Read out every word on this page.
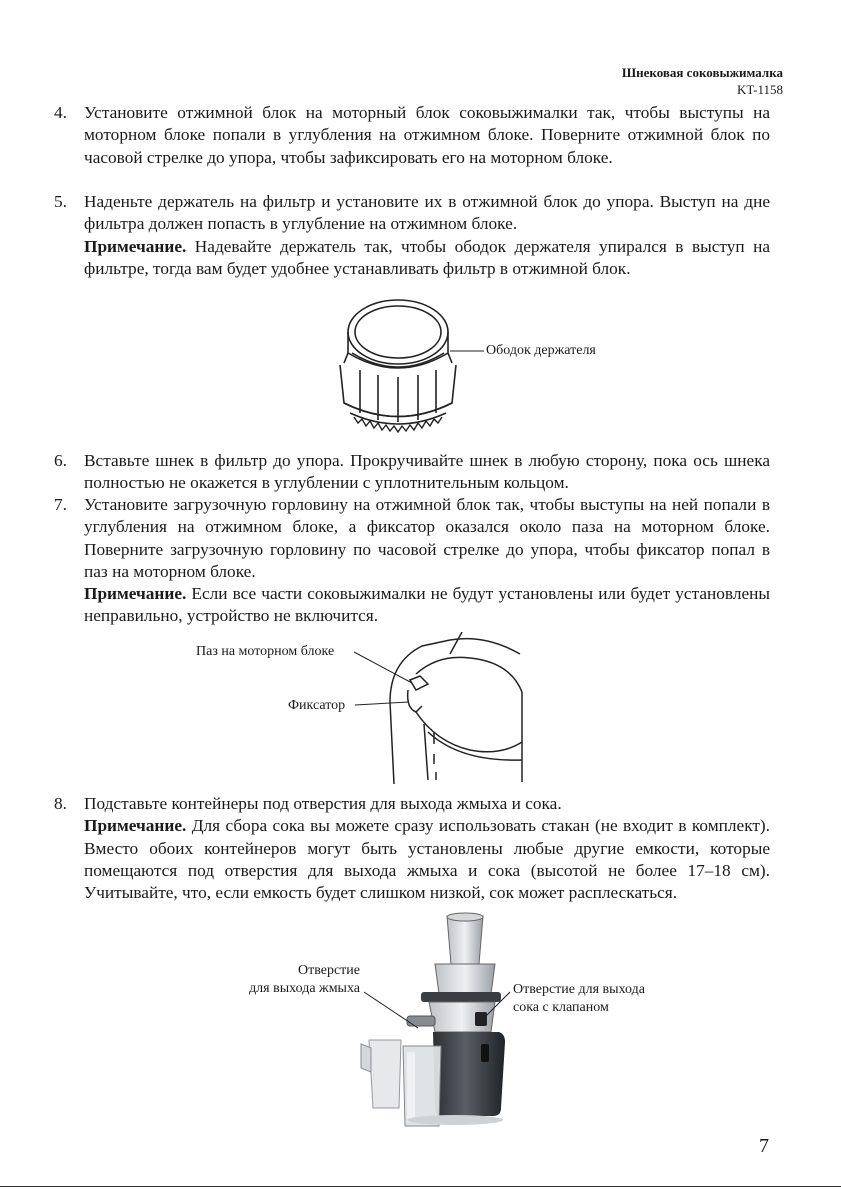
Шнековая соковыжималка
KT-1158
4. Установите отжимной блок на моторный блок соковыжималки так, чтобы выступы на моторном блоке попали в углубления на отжимном блоке. Поверните отжимной блок по часовой стрелке до упора, чтобы зафиксировать его на моторном блоке.

5. Наденьте держатель на фильтр и установите их в отжимной блок до упора. Выступ на дне фильтра должен попасть в углубление на отжимном блоке.

Примечание. Надевайте держатель так, чтобы ободок держателя упирался в выступ на фильтре, тогда вам будет удобнее устанавливать фильтр в отжимной блок.

Ободок держателя
6. Вставьте шнек в фильтр до упора. Прокручивайте шнек в любую сторону, пока ось шнека полностью не окажется в углублении с уплотнительным кольцом.

7. Установите загрузочную горловину на отжимной блок так, чтобы выступы на ней попали в углубления на отжимном блоке, а фиксатор оказался около паза на моторном блоке. Поверните загрузочную горловину по часовой стрелке до упора, чтобы фиксатор попал в паз на моторном блоке.

Примечание. Если все части соковыжималки не будут установлены или будет установлены неправильно, устройство не включится.

Паз на моторном блоке
Фиксатор
8. Подставьте контейнеры под отверстия для выхода жмыха и сока.

Примечание. Для сбора сока вы можете сразу использовать стакан (не входит в комплект). Вместо обоих контейнеров могут быть установлены любые другие емкости, которые помещаются под отверстия для выхода жмыха и сока (высотой не более 17–18 см). Учитывайте, что, если емкость будет слишком низкой, сок может расплескаться.

Отверстие
для выхода жмыха	Отверстие для выхода
сока с клапаном
7
